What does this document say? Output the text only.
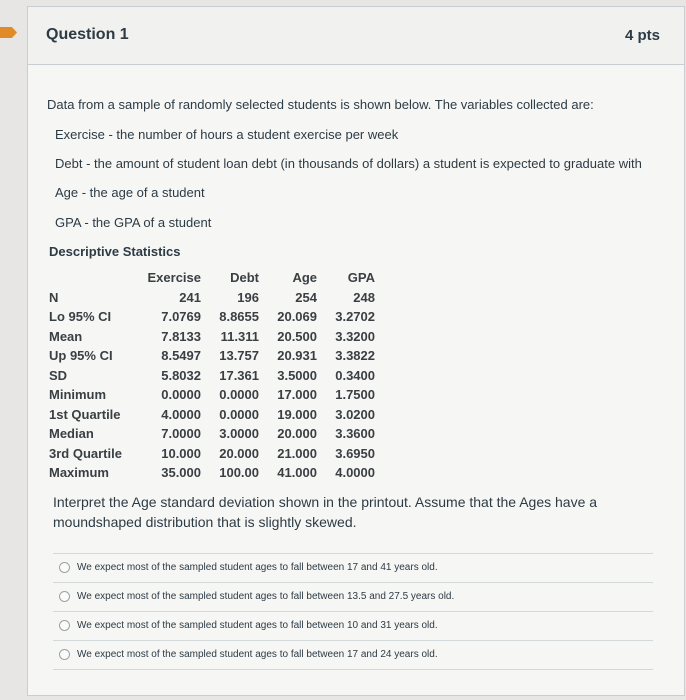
Question 1	4 pts
Data from a sample of randomly selected students is shown below. The variables collected are:
Exercise - the number of hours a student exercise per week
Debt - the amount of student loan debt (in thousands of dollars) a student is expected to graduate with
Age - the age of a student
GPA - the GPA of a student
Descriptive Statistics
	Exercise	Debt	Age	GPA
N	241	196	254	248
Lo 95% CI	7.0769	8.8655	20.069	3.2702
Mean	7.8133	11.311	20.500	3.3200
Up 95% CI	8.5497	13.757	20.931	3.3822
SD	5.8032	17.361	3.5000	0.3400
Minimum	0.0000	0.0000	17.000	1.7500
1st Quartile	4.0000	0.0000	19.000	3.0200
Median	7.0000	3.0000	20.000	3.3600
3rd Quartile	10.000	20.000	21.000	3.6950
Maximum	35.000	100.00	41.000	4.0000
Interpret the Age standard deviation shown in the printout. Assume that the Ages have a moundshaped distribution that is slightly skewed.
We expect most of the sampled student ages to fall between 17 and 41 years old.
We expect most of the sampled student ages to fall between 13.5 and 27.5 years old.
We expect most of the sampled student ages to fall between 10 and 31 years old.
We expect most of the sampled student ages to fall between 17 and 24 years old.
